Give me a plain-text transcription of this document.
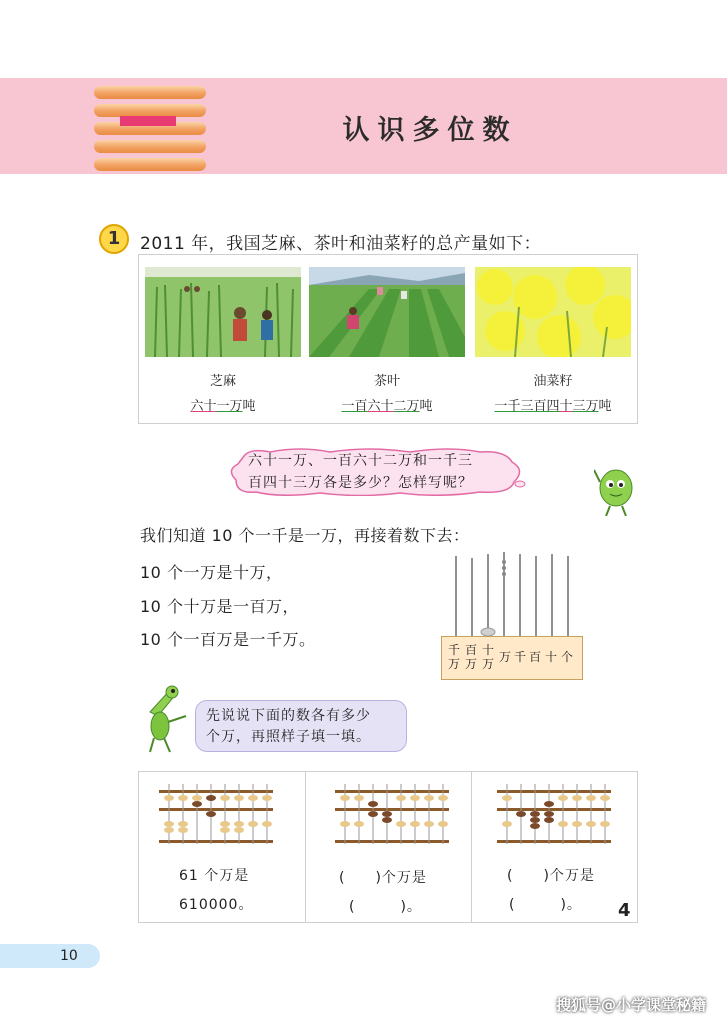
认识多位数
1	2011 年，我国芝麻、茶叶和油菜籽的总产量如下：
芝麻	茶叶	油菜籽
六十一万吨	一百六十二万吨	一千三百四十三万吨
六十一万、一百六十二万和一千三
百四十三万各是多少？怎样写呢？
我们知道 10 个一千是一万，再接着数下去：
10 个一万是十万，
10 个十万是一百万，
10 个一百万是一千万。
千
万
百
万
十
万 万 千 百 十 个
先说说下面的数各有多少
个万，再照样子填一填。
61 个万是
610000。
(　　)个万是
(　　　)。
(　　)个万是
(　　　)。 4
10
搜狐号@小学课堂秘籍
